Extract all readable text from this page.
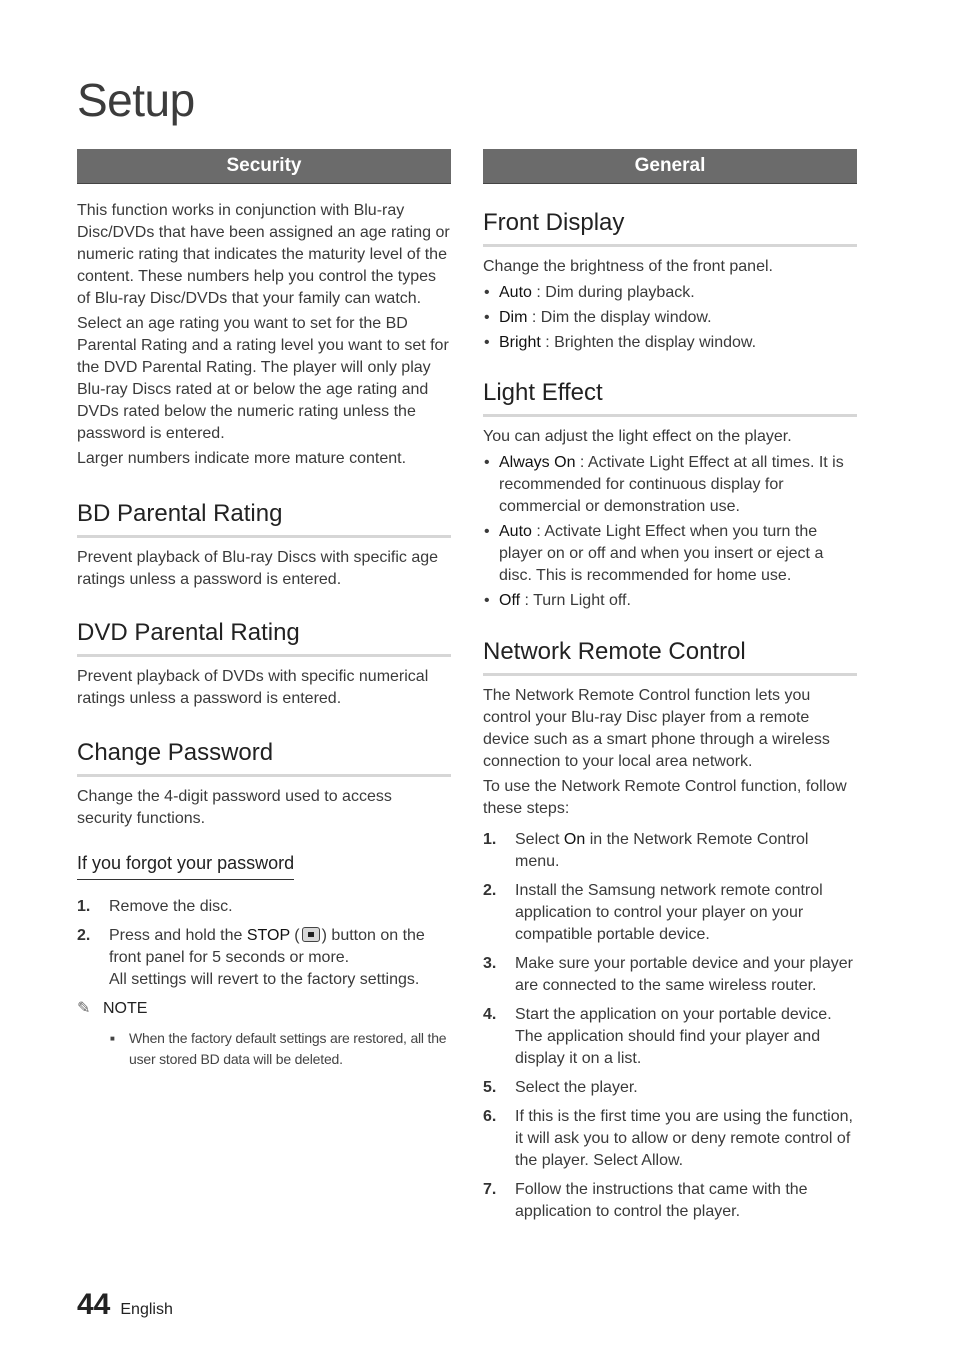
Setup
Security

This function works in conjunction with Blu-ray Disc/DVDs that have been assigned an age rating or numeric rating that indicates the maturity level of the content. These numbers help you control the types of Blu-ray Disc/DVDs that your family can watch.

Select an age rating you want to set for the BD Parental Rating and a rating level you want to set for the DVD Parental Rating. The player will only play Blu-ray Discs rated at or below the age rating and DVDs rated below the numeric rating unless the password is entered.

Larger numbers indicate more mature content.

BD Parental Rating

Prevent playback of Blu-ray Discs with specific age ratings unless a password is entered.

DVD Parental Rating

Prevent playback of DVDs with specific numerical ratings unless a password is entered.

Change Password

Change the 4-digit password used to access security functions.

If you forgot your password
1. Remove the disc.
2. Press and hold the STOP ( ) button on the front panel for 5 seconds or more.
All settings will revert to the factory settings.
✎ NOTE
■ When the factory default settings are restored, all the user stored BD data will be deleted.
General
Front Display

Change the brightness of the front panel.

• Auto : Dim during playback.
• Dim : Dim the display window.
• Bright : Brighten the display window.
Light Effect

You can adjust the light effect on the player.

• Always On : Activate Light Effect at all times. It is recommended for continuous display for commercial or demonstration use.
• Auto : Activate Light Effect when you turn the player on or off and when you insert or eject a disc. This is recommended for home use.
• Off : Turn Light off.
Network Remote Control

The Network Remote Control function lets you control your Blu-ray Disc player from a remote device such as a smart phone through a wireless connection to your local area network.

To use the Network Remote Control function, follow these steps:

1. Select On in the Network Remote Control menu.
2. Install the Samsung network remote control application to control your player on your compatible portable device.
3. Make sure your portable device and your player are connected to the same wireless router.
4. Start the application on your portable device. The application should find your player and display it on a list.
5. Select the player.
6. If this is the first time you are using the function, it will ask you to allow or deny remote control of the player. Select Allow.
7. Follow the instructions that came with the application to control the player.
44 English
